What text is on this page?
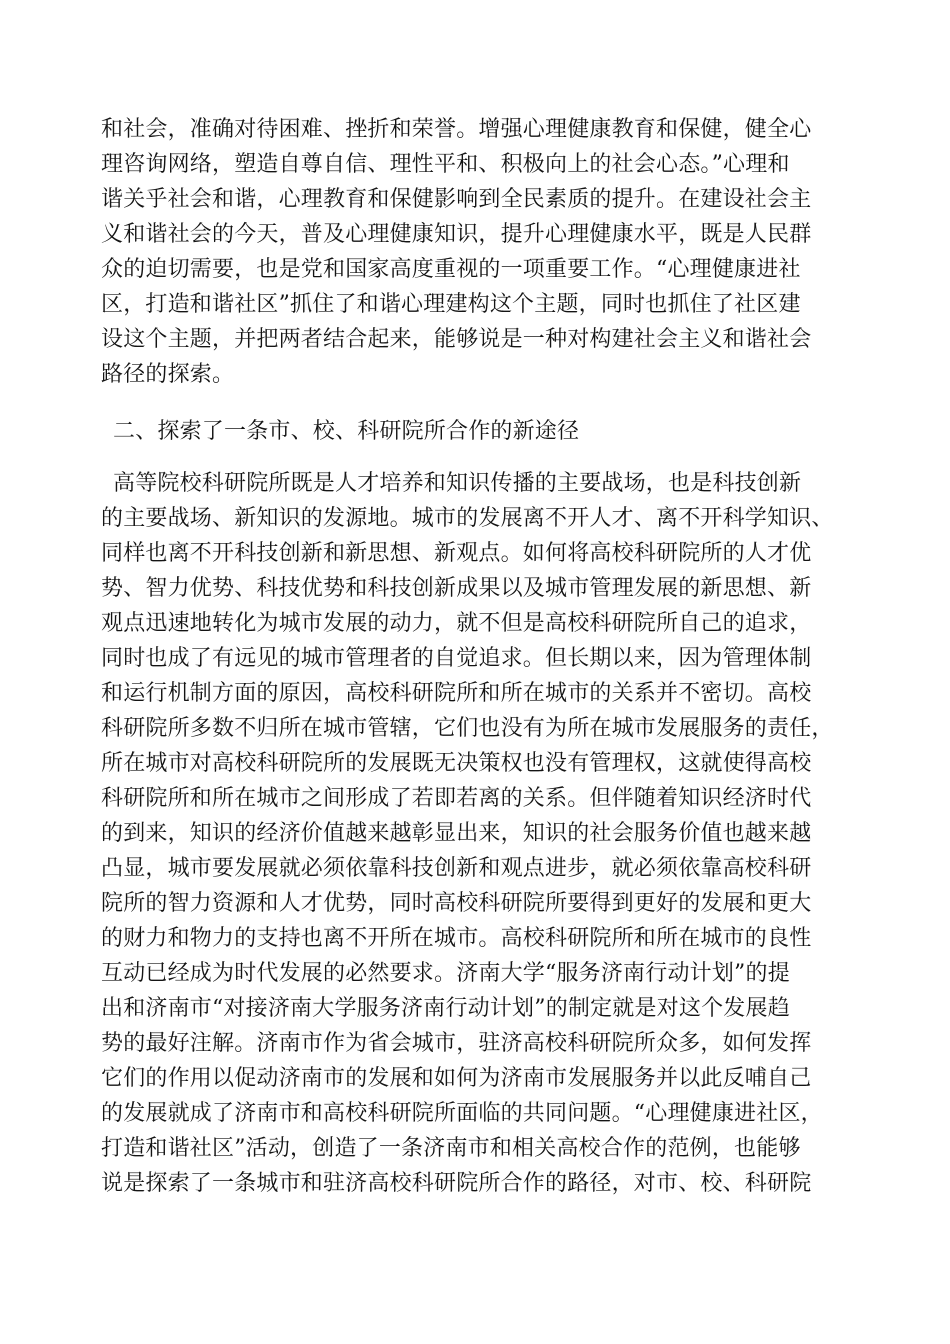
和社会，准确对待困难、挫折和荣誉。增强心理健康教育和保健，健全心
理咨询网络，塑造自尊自信、理性平和、积极向上的社会心态。”心理和
谐关乎社会和谐，心理教育和保健影响到全民素质的提升。在建设社会主
义和谐社会的今天，普及心理健康知识，提升心理健康水平，既是人民群
众的迫切需要，也是党和国家高度重视的一项重要工作。“心理健康进社
区，打造和谐社区”抓住了和谐心理建构这个主题，同时也抓住了社区建
设这个主题，并把两者结合起来，能够说是一种对构建社会主义和谐社会
路径的探索。
二、探索了一条市、校、科研院所合作的新途径
高等院校科研院所既是人才培养和知识传播的主要战场，也是科技创新
的主要战场、新知识的发源地。城市的发展离不开人才、离不开科学知识、
同样也离不开科技创新和新思想、新观点。如何将高校科研院所的人才优
势、智力优势、科技优势和科技创新成果以及城市管理发展的新思想、新
观点迅速地转化为城市发展的动力，就不但是高校科研院所自己的追求，
同时也成了有远见的城市管理者的自觉追求。但长期以来，因为管理体制
和运行机制方面的原因，高校科研院所和所在城市的关系并不密切。高校
科研院所多数不归所在城市管辖，它们也没有为所在城市发展服务的责任，
所在城市对高校科研院所的发展既无决策权也没有管理权，这就使得高校
科研院所和所在城市之间形成了若即若离的关系。但伴随着知识经济时代
的到来，知识的经济价值越来越彰显出来，知识的社会服务价值也越来越
凸显，城市要发展就必须依靠科技创新和观点进步，就必须依靠高校科研
院所的智力资源和人才优势，同时高校科研院所要得到更好的发展和更大
的财力和物力的支持也离不开所在城市。高校科研院所和所在城市的良性
互动已经成为时代发展的必然要求。济南大学“服务济南行动计划”的提
出和济南市“对接济南大学服务济南行动计划”的制定就是对这个发展趋
势的最好注解。济南市作为省会城市，驻济高校科研院所众多，如何发挥
它们的作用以促动济南市的发展和如何为济南市发展服务并以此反哺自己
的发展就成了济南市和高校科研院所面临的共同问题。“心理健康进社区，
打造和谐社区”活动，创造了一条济南市和相关高校合作的范例，也能够
说是探索了一条城市和驻济高校科研院所合作的路径，对市、校、科研院
